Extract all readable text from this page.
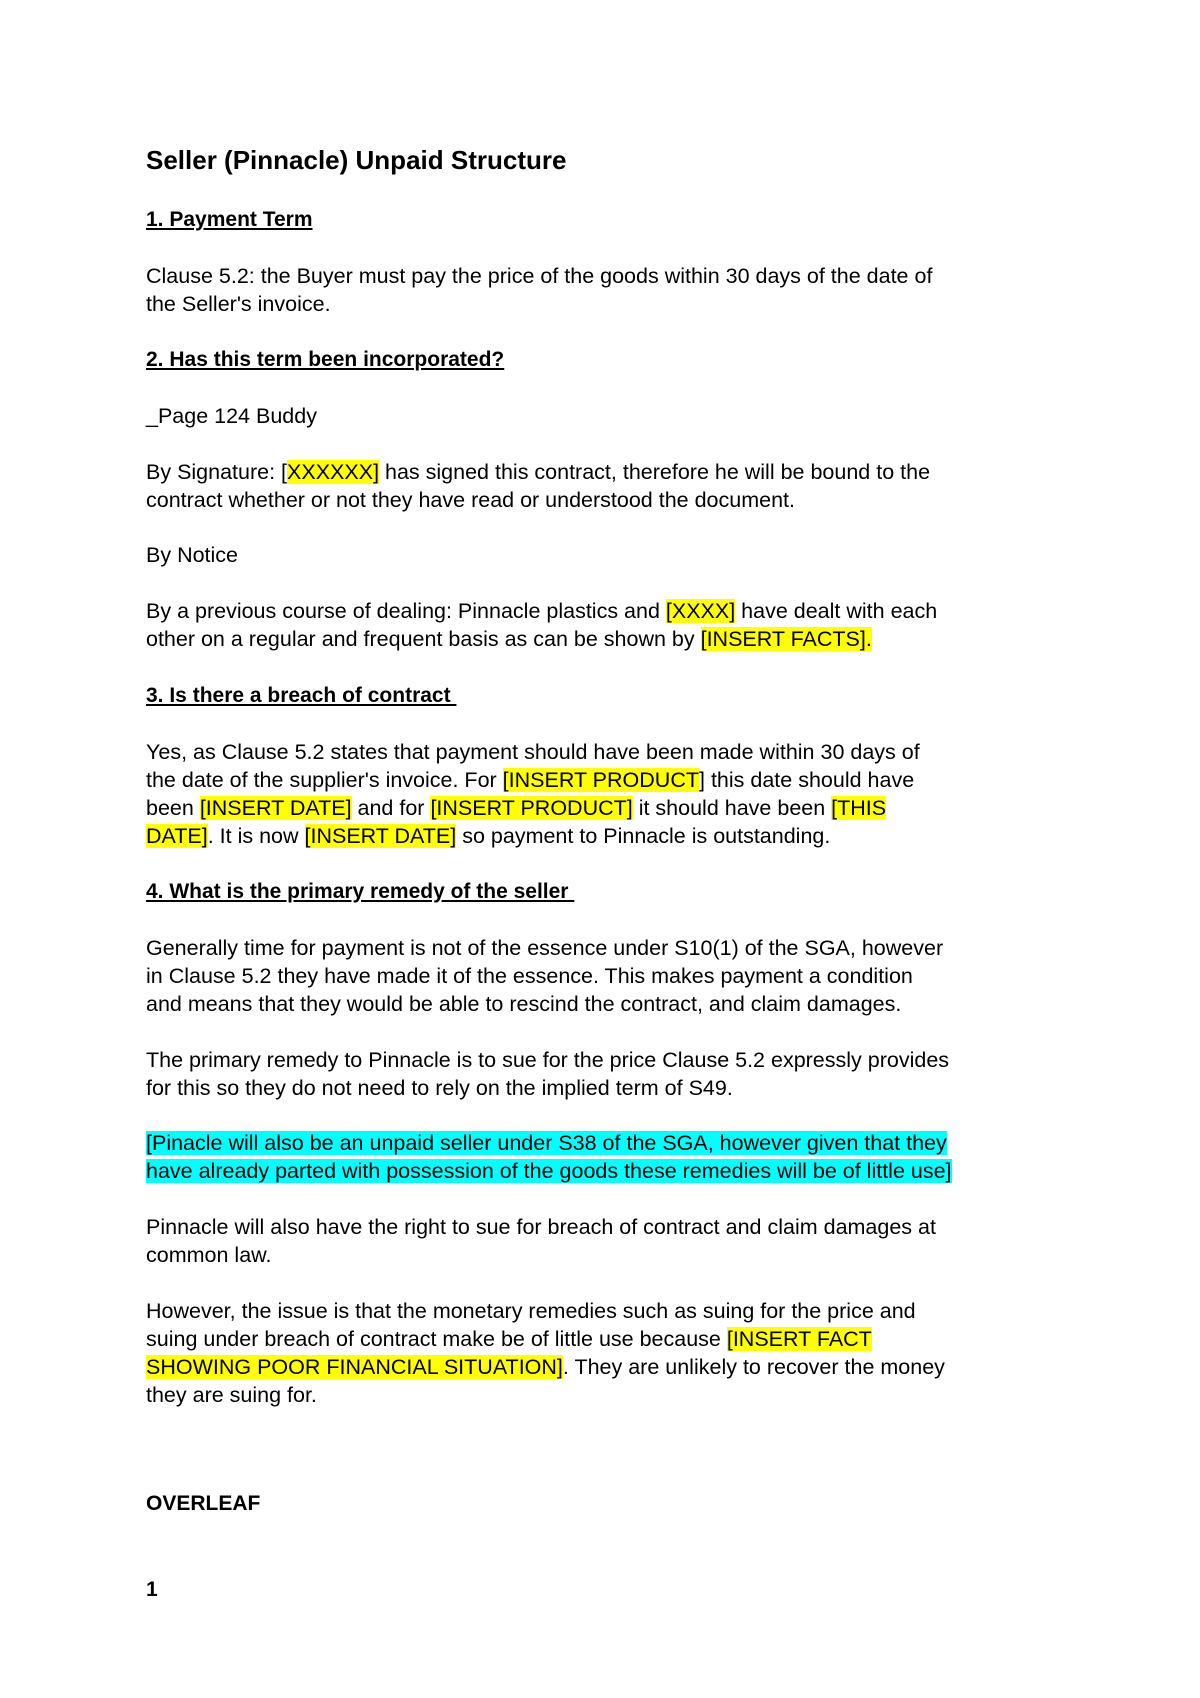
Seller (Pinnacle) Unpaid Structure

1. Payment Term

Clause 5.2: the Buyer must pay the price of the goods within 30 days of the date of
the Seller's invoice.

2. Has this term been incorporated?

_Page 124 Buddy

By Signature: [XXXXXX] has signed this contract, therefore he will be bound to the
contract whether or not they have read or understood the document.

By Notice

By a previous course of dealing: Pinnacle plastics and [XXXX] have dealt with each
other on a regular and frequent basis as can be shown by [INSERT FACTS].

3. Is there a breach of contract

Yes, as Clause 5.2 states that payment should have been made within 30 days of
the date of the supplier's invoice. For [INSERT PRODUCT] this date should have
been [INSERT DATE] and for [INSERT PRODUCT] it should have been [THIS
DATE]. It is now [INSERT DATE] so payment to Pinnacle is outstanding.

4. What is the primary remedy of the seller

Generally time for payment is not of the essence under S10(1) of the SGA, however
in Clause 5.2 they have made it of the essence. This makes payment a condition
and means that they would be able to rescind the contract, and claim damages.

The primary remedy to Pinnacle is to sue for the price Clause 5.2 expressly provides
for this so they do not need to rely on the implied term of S49.

[Pinacle will also be an unpaid seller under S38 of the SGA, however given that they
have already parted with possession of the goods these remedies will be of little use]

Pinnacle will also have the right to sue for breach of contract and claim damages at
common law.

However, the issue is that the monetary remedies such as suing for the price and
suing under breach of contract make be of little use because [INSERT FACT
SHOWING POOR FINANCIAL SITUATION]. They are unlikely to recover the money
they are suing for.

OVERLEAF

1
